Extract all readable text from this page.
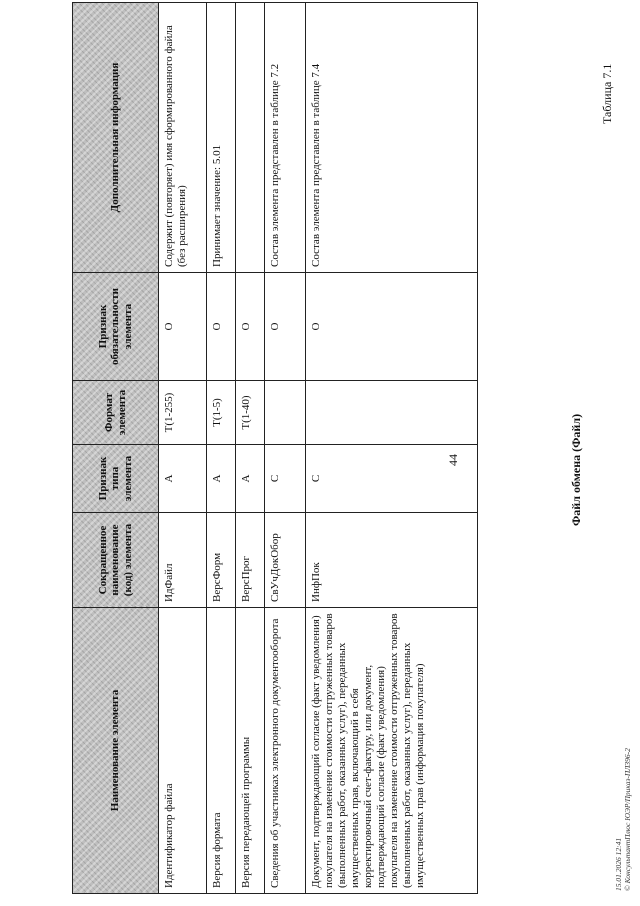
44
Таблица 7.1
Файл обмена (Файл)
Наименование элемента	Сокращенное наименование (код) элемента	Признак типа элемента	Формат элемента	Признак обязательности элемента	Дополнительная информация
Идентификатор файла	ИдФайл	А	T(1-255)	О	Содержит (повторяет) имя сформированного файла (без расширения)
Версия формата	ВерсФорм	А	T(1-5)	О	Принимает значение: 5.01
Версия передающей программы	ВерсПрог	А	T(1-40)	О	
Сведения об участниках электронного документооборота	СвУчДокОбор	С		О	Состав элемента представлен в таблице 7.2
Документ, подтверждающий согласие (факт уведомления) покупателя на изменение стоимости отгруженных товаров (выполненных работ, оказанных услуг), переданных имущественных прав, включающий в себя корректировочный счет-фактуру, или документ, подтверждающий согласие (факт уведомления) покупателя на изменение стоимости отгруженных товаров (выполненных работ, оказанных услуг), переданных имущественных прав (информация покупателя)	ИнфПок	С		О	Состав элемента представлен в таблице 7.4
15.01.2026 12:41 © КонсультантПлюс ЮЭР/Приказ-ПЛ396-2
